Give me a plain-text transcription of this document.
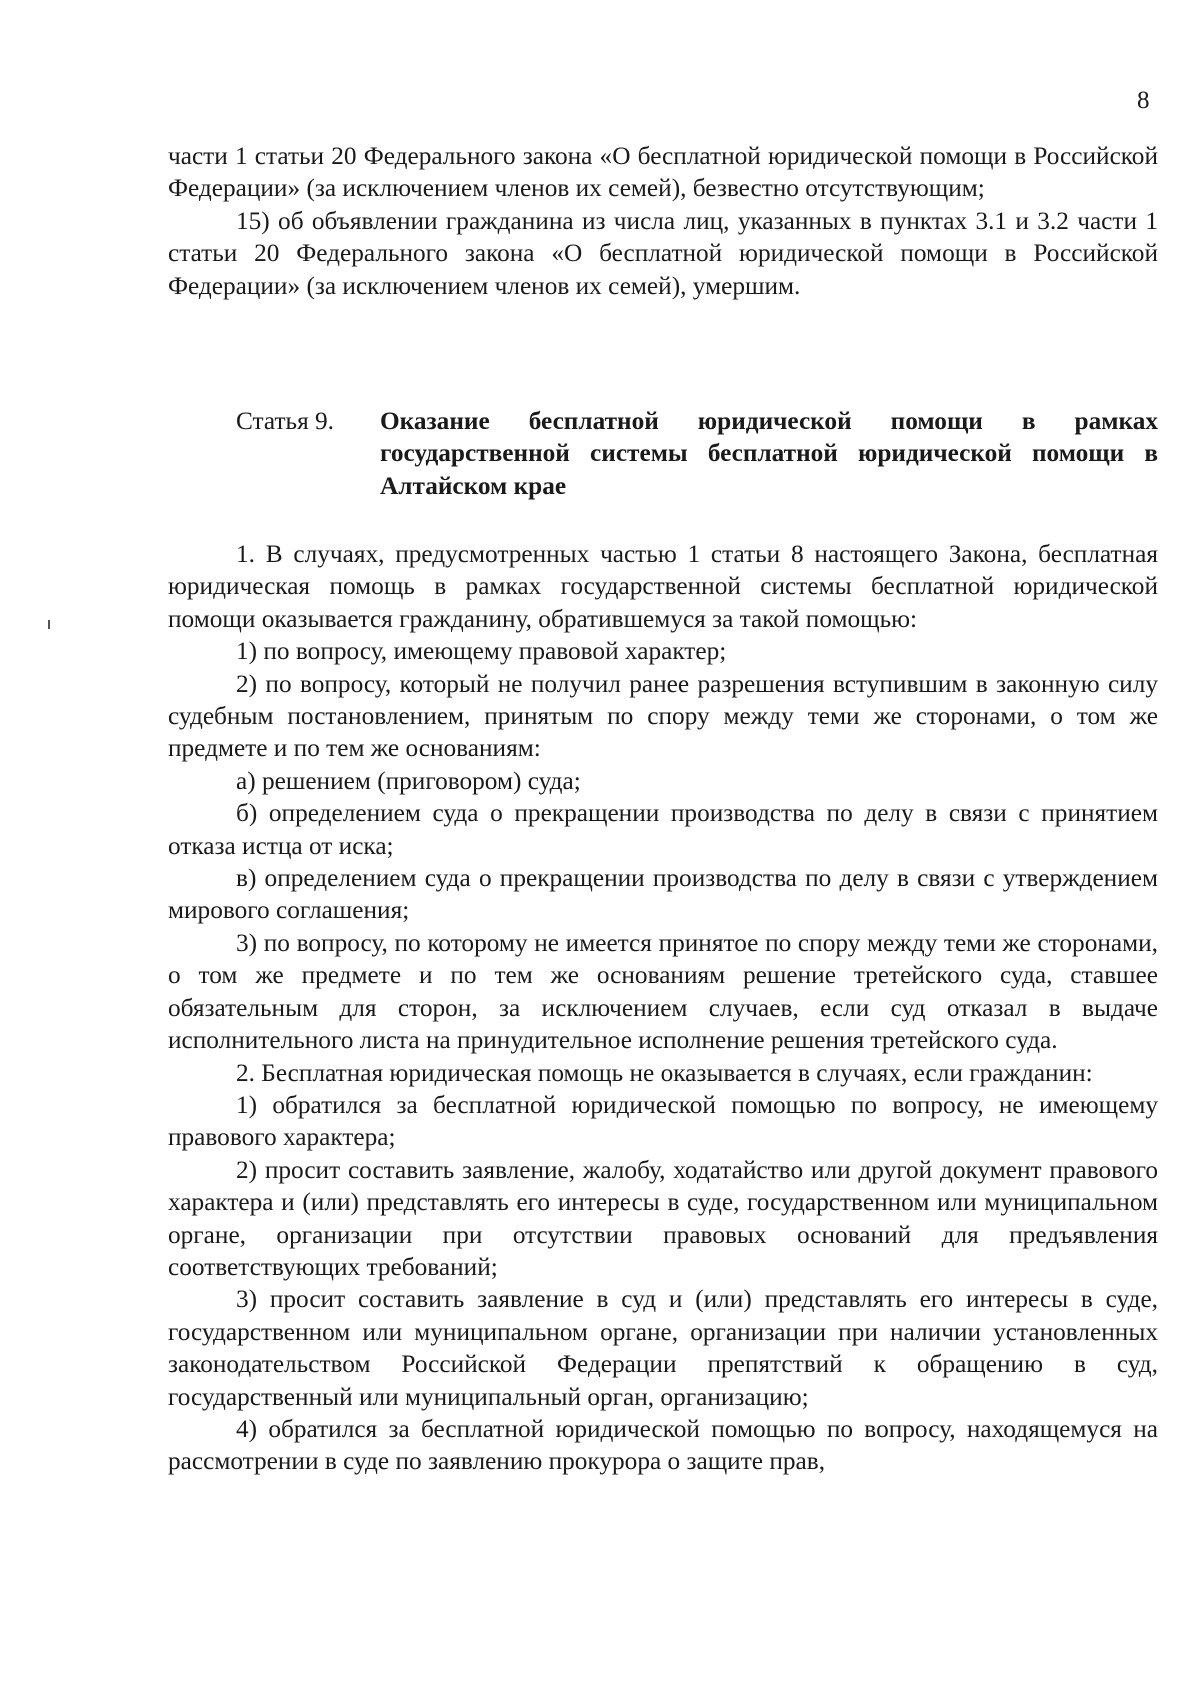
8

части 1 статьи 20 Федерального закона «О бесплатной юридической помощи в Российской Федерации» (за исключением членов их семей), безвестно отсутствующим;

15) об объявлении гражданина из числа лиц, указанных в пунктах 3.1 и 3.2 части 1 статьи 20 Федерального закона «О бесплатной юридической помощи в Российской Федерации» (за исключением членов их семей), умершим.

Статья 9. Оказание бесплатной юридической помощи в рамках государственной системы бесплатной юридической помощи в Алтайском крае

1. В случаях, предусмотренных частью 1 статьи 8 настоящего Закона, бесплатная юридическая помощь в рамках государственной системы бесплатной юридической помощи оказывается гражданину, обратившемуся за такой помощью:

1) по вопросу, имеющему правовой характер;

2) по вопросу, который не получил ранее разрешения вступившим в законную силу судебным постановлением, принятым по спору между теми же сторонами, о том же предмете и по тем же основаниям:

а) решением (приговором) суда;

б) определением суда о прекращении производства по делу в связи с принятием отказа истца от иска;

в) определением суда о прекращении производства по делу в связи с утверждением мирового соглашения;

3) по вопросу, по которому не имеется принятое по спору между теми же сторонами, о том же предмете и по тем же основаниям решение третейского суда, ставшее обязательным для сторон, за исключением случаев, если суд отказал в выдаче исполнительного листа на принудительное исполнение решения третейского суда.

2. Бесплатная юридическая помощь не оказывается в случаях, если гражданин:

1) обратился за бесплатной юридической помощью по вопросу, не имеющему правового характера;

2) просит составить заявление, жалобу, ходатайство или другой документ правового характера и (или) представлять его интересы в суде, государственном или муниципальном органе, организации при отсутствии правовых оснований для предъявления соответствующих требований;

3) просит составить заявление в суд и (или) представлять его интересы в суде, государственном или муниципальном органе, организации при наличии установленных законодательством Российской Федерации препятствий к обращению в суд, государственный или муниципальный орган, организацию;

4) обратился за бесплатной юридической помощью по вопросу, находящемуся на рассмотрении в суде по заявлению прокурора о защите прав,
